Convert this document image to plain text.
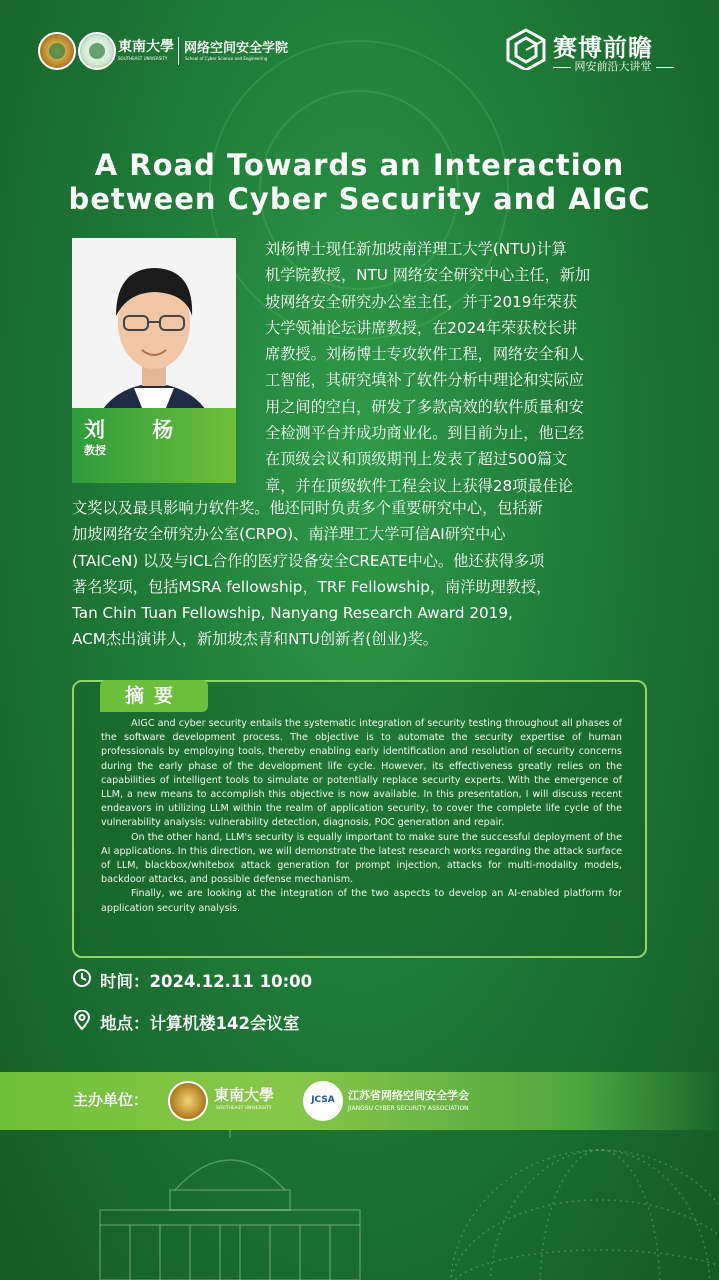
東南大學
SOUTHEAST UNIVERSITY
网络空间安全学院
School of Cyber Science and Engineering	赛博前瞻
网安前沿大讲堂
A Road Towards an Interaction
between Cyber Security and AIGC
刘 杨
教授
刘杨博士现任新加坡南洋理工大学(NTU)计算
机学院教授，NTU 网络安全研究中心主任，新加
坡网络安全研究办公室主任，并于2019年荣获
大学领袖论坛讲席教授，在2024年荣获校长讲
席教授。刘杨博士专攻软件工程，网络安全和人
工智能，其研究填补了软件分析中理论和实际应
用之间的空白，研发了多款高效的软件质量和安
全检测平台并成功商业化。到目前为止，他已经
在顶级会议和顶级期刊上发表了超过500篇文
章，并在顶级软件工程会议上获得28项最佳论
文奖以及最具影响力软件奖。他还同时负责多个重要研究中心，包括新
加坡网络安全研究办公室(CRPO)、南洋理工大学可信AI研究中心
(TAICeN) 以及与ICL合作的医疗设备安全CREATE中心。他还获得多项
著名奖项，包括MSRA fellowship，TRF Fellowship，南洋助理教授，
Tan Chin Tuan Fellowship, Nanyang Research Award 2019,
ACM杰出演讲人，新加坡杰青和NTU创新者(创业)奖。
摘要

AIGC and cyber security entails the systematic integration of security testing throughout all phases of the software development process. The objective is to automate the security expertise of human professionals by employing tools, thereby enabling early identification and resolution of security concerns during the early phase of the development life cycle. However, its effectiveness greatly relies on the capabilities of intelligent tools to simulate or potentially replace security experts. With the emergence of LLM, a new means to accomplish this objective is now available. In this presentation, I will discuss recent endeavors in utilizing LLM within the realm of application security, to cover the complete life cycle of the vulnerability analysis: vulnerability detection, diagnosis, POC generation and repair.

On the other hand, LLM's security is equally important to make sure the successful deployment of the AI applications. In this direction, we will demonstrate the latest research works regarding the attack surface of LLM, blackbox/whitebox attack generation for prompt injection, attacks for multi-modality models, backdoor attacks, and possible defense mechanism.

Finally, we are looking at the integration of the two aspects to develop an AI-enabled platform for application security analysis.

时间：2024.12.11 10:00
地点：计算机楼142会议室
主办单位：	東南大學
SOUTHEAST UNIVERSITY
JCSA	江苏省网络空间安全学会
JIANGSU CYBER SECURITY ASSOCIATION
